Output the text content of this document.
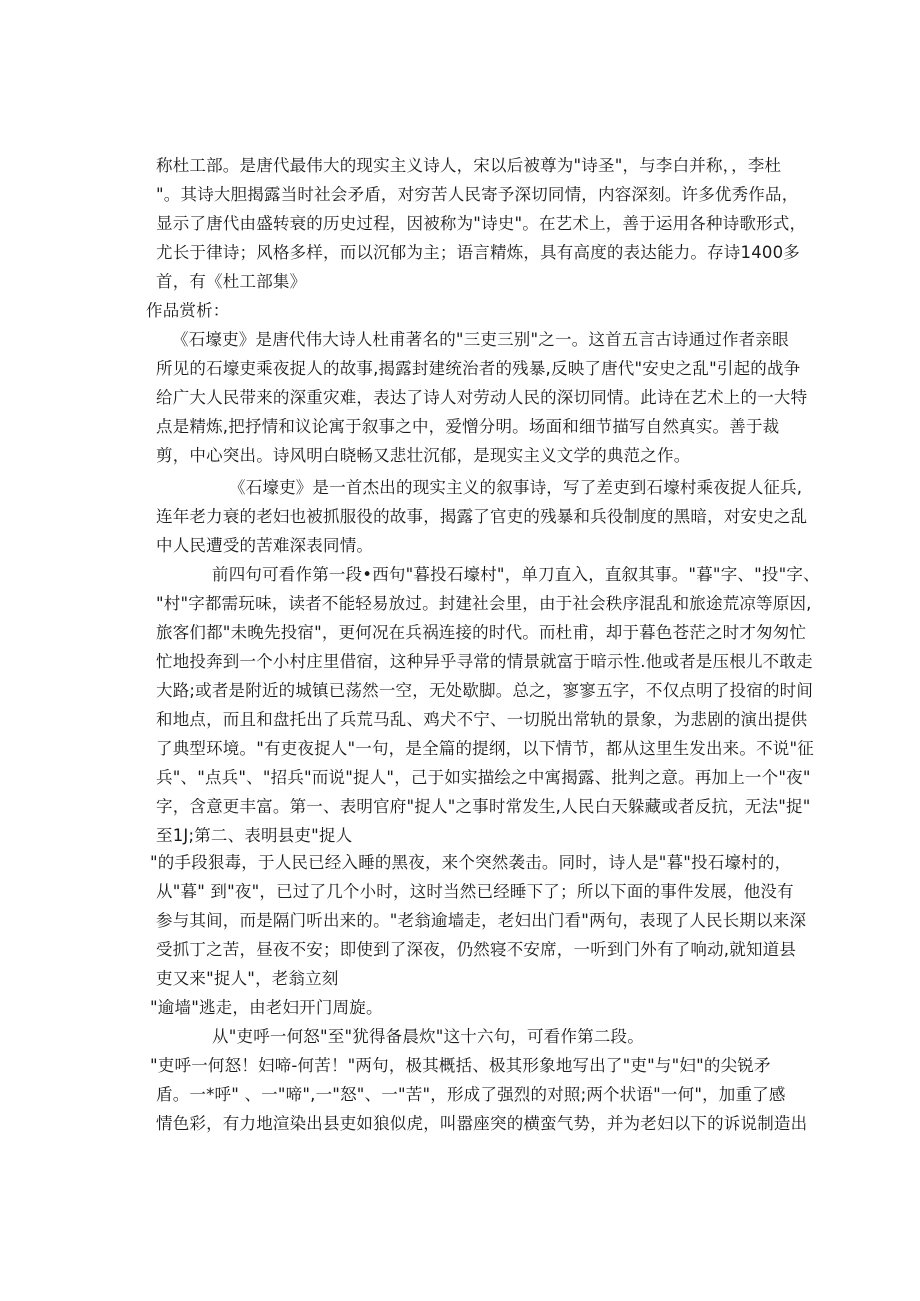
称杜工部。是唐代最伟大的现实主义诗人，宋以后被尊为"诗圣"，与李白并称，，李杜
"。其诗大胆揭露当时社会矛盾，对穷苦人民寄予深切同情，内容深刻。许多优秀作品，
显示了唐代由盛转衰的历史过程，因被称为"诗史"。在艺术上，善于运用各种诗歌形式，
尤长于律诗；风格多样，而以沉郁为主；语言精炼，具有高度的表达能力。存诗1400多
首，有《杜工部集》
作品赏析：
《石壕吏》是唐代伟大诗人杜甫著名的"三吏三别"之一。这首五言古诗通过作者亲眼
所见的石壕吏乘夜捉人的故事,揭露封建统治者的残暴,反映了唐代"安史之乱"引起的战争
给广大人民带来的深重灾难，表达了诗人对劳动人民的深切同情。此诗在艺术上的一大特
点是精炼,把抒情和议论寓于叙事之中，爱憎分明。场面和细节描写自然真实。善于裁
剪，中心突出。诗风明白晓畅又悲壮沉郁，是现实主义文学的典范之作。
《石壕吏》是一首杰出的现实主义的叙事诗，写了差吏到石壕村乘夜捉人征兵,
连年老力衰的老妇也被抓服役的故事，揭露了官吏的残暴和兵役制度的黑暗，对安史之乱
中人民遭受的苦难深表同情。
前四句可看作第一段•西句"暮投石壕村"，单刀直入，直叙其事。"暮"字、"投"字、
"村"字都需玩味，读者不能轻易放过。封建社会里，由于社会秩序混乱和旅途荒凉等原因,
旅客们都"未晚先投宿"，更何况在兵祸连接的时代。而杜甫，却于暮色苍茫之时才匆匆忙
忙地投奔到一个小村庄里借宿，这种异乎寻常的情景就富于暗示性.他或者是压根儿不敢走
大路;或者是附近的城镇已荡然一空，无处歇脚。总之，寥寥五字，不仅点明了投宿的时间
和地点，而且和盘托出了兵荒马乱、鸡犬不宁、一切脱出常轨的景象，为悲剧的演出提供
了典型环境。"有吏夜捉人"一句，是全篇的提纲，以下情节，都从这里生发出来。不说"征
兵"、"点兵"、"招兵"而说"捉人"，己于如实描绘之中寓揭露、批判之意。再加上一个"夜"
字，含意更丰富。第一、表明官府"捉人"之事时常发生,人民白天躲藏或者反抗，无法"捉"
至1J;第二、表明县吏"捉人
"的手段狠毒，于人民已经入睡的黑夜，来个突然袭击。同时，诗人是"暮"投石壕村的，
从"暮" 到"夜"，已过了几个小时，这时当然已经睡下了；所以下面的事件发展，他没有
参与其间，而是隔门听出来的。"老翁逾墙走，老妇出门看"两句，表现了人民长期以来深
受抓丁之苦，昼夜不安；即使到了深夜，仍然寝不安席，一听到门外有了响动,就知道县
吏又来"捉人"，老翁立刻
"逾墙"逃走，由老妇开门周旋。
从"吏呼一何怒"至"犹得备晨炊"这十六句，可看作第二段。
"吏呼一何怒！妇啼-何苦！"两句，极其概括、极其形象地写出了"吏"与"妇"的尖锐矛
盾。一*呼" 、一"啼",一"怒"、一"苦"，形成了强烈的对照;两个状语"一何"，加重了感
情色彩，有力地渲染出县吏如狼似虎，叫嚣座突的横蛮气势，并为老妇以下的诉说制造出
